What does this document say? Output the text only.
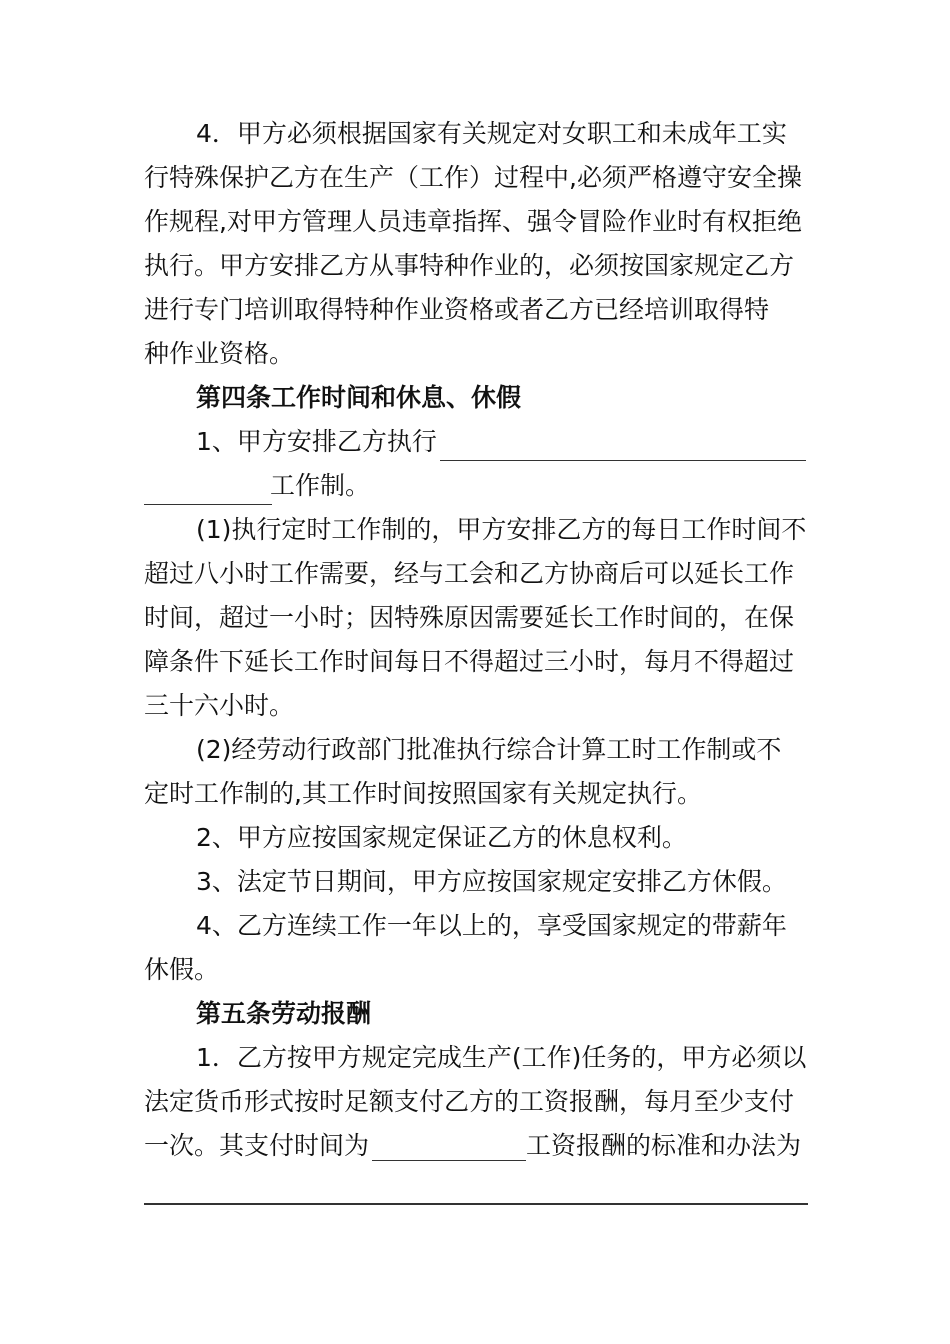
4．甲方必须根据国家有关规定对女职工和未成年工实
行特殊保护乙方在生产（工作）过程中,必须严格遵守安全操
作规程,对甲方管理人员违章指挥、强令冒险作业时有权拒绝
执行。甲方安排乙方从事特种作业的，必须按国家规定乙方
进行专门培训取得特种作业资格或者乙方已经培训取得特
种作业资格。
第四条工作时间和休息、休假
1、甲方安排乙方执行
工作制。
(1)执行定时工作制的，甲方安排乙方的每日工作时间不
超过八小时工作需要，经与工会和乙方协商后可以延长工作
时间，超过一小时；因特殊原因需要延长工作时间的，在保
障条件下延长工作时间每日不得超过三小时，每月不得超过
三十六小时。
(2)经劳动行政部门批准执行综合计算工时工作制或不
定时工作制的,其工作时间按照国家有关规定执行。
2、甲方应按国家规定保证乙方的休息权利。
3、法定节日期间，甲方应按国家规定安排乙方休假。
4、乙方连续工作一年以上的，享受国家规定的带薪年
休假。
第五条劳动报酬
1．乙方按甲方规定完成生产(工作)任务的，甲方必须以
法定货币形式按时足额支付乙方的工资报酬，每月至少支付
一次。其支付时间为	工资报酬的标准和办法为
